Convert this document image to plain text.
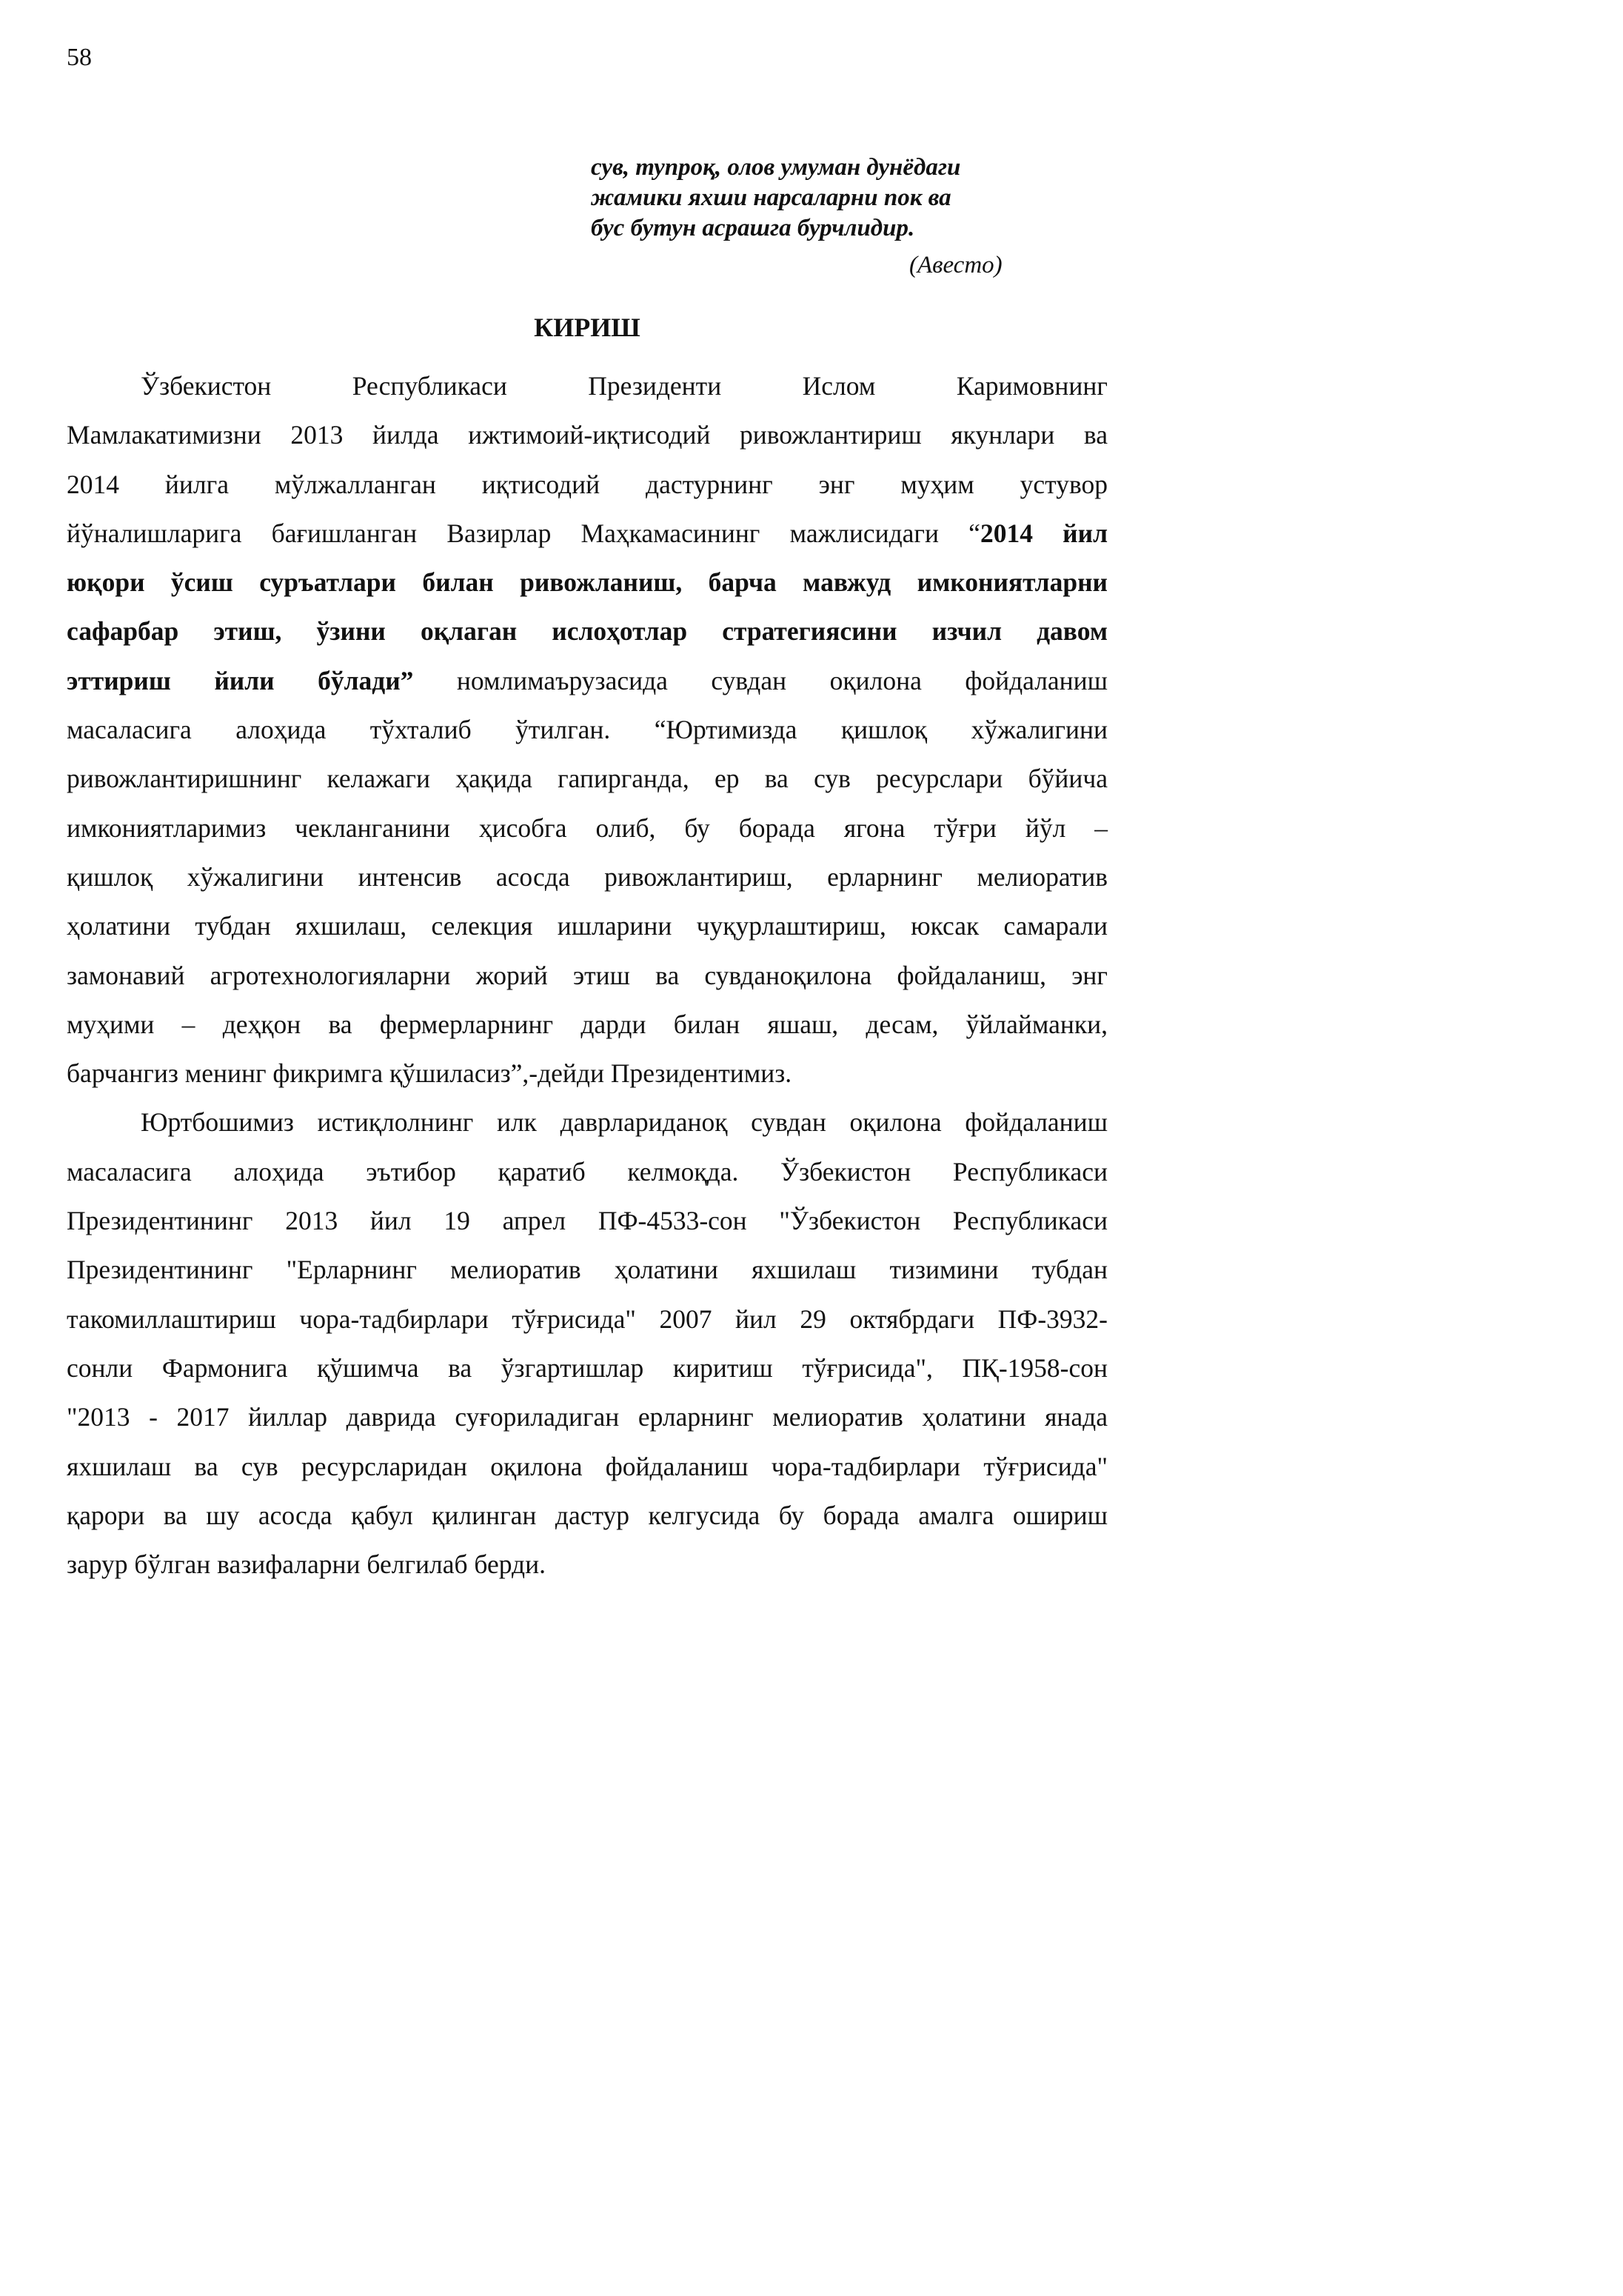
58
сув, тупроқ, олов умуман дунёдаги
жамики яхши нарсаларни пок ва
бус бутун асрашга бурчлидир.
(Авесто)
КИРИШ
Ўзбекистон Республикаси Президенти Ислом Каримовнинг
Мамлакатимизни 2013 йилда ижтимоий-иқтисодий ривожлантириш якунлари ва
2014 йилга мўлжалланган иқтисодий дастурнинг энг муҳим устувор
йўналишларига бағишланган Вазирлар Маҳкамасининг мажлисидаги “2014 йил
юқори ўсиш суръатлари билан ривожланиш, барча мавжуд имкониятларни
сафарбар этиш, ўзини оқлаган ислоҳотлар стратегиясини изчил давом
эттириш йили бўлади” номлимаърузасида сувдан оқилона фойдаланиш
масаласига алоҳида тўхталиб ўтилган. “Юртимизда қишлоқ хўжалигини
ривожлантиришнинг келажаги ҳақида гапирганда, ер ва сув ресурслари бўйича
имкониятларимиз чекланганини ҳисобга олиб, бу борада ягона тўғри йўл –
қишлоқ хўжалигини интенсив асосда ривожлантириш, ерларнинг мелиоратив
ҳолатини тубдан яхшилаш, селекция ишларини чуқурлаштириш, юксак самарали
замонавий агротехнологияларни жорий этиш ва сувданоқилона фойдаланиш, энг
муҳими – деҳқон ва фермерларнинг дарди билан яшаш, десам, ўйлайманки,
барчангиз менинг фикримга қўшиласиз”,-дейди Президентимиз.
Юртбошимиз истиқлолнинг илк даврлариданоқ сувдан оқилона фойдаланиш
масаласига алоҳида эътибор қаратиб келмоқда. Ўзбекистон Республикаси
Президентининг 2013 йил 19 апрел ПФ-4533-сон "Ўзбекистон Республикаси
Президентининг "Ерларнинг мелиоратив ҳолатини яхшилаш тизимини тубдан
такомиллаштириш чора-тадбирлари тўғрисида" 2007 йил 29 октябрдаги ПФ-3932-
сонли Фармонига қўшимча ва ўзгартишлар киритиш тўғрисида", ПҚ-1958-сон
"2013 - 2017 йиллар даврида суғориладиган ерларнинг мелиоратив ҳолатини янада
яхшилаш ва сув ресурсларидан оқилона фойдаланиш чора-тадбирлари тўғрисида"
қарори ва шу асосда қабул қилинган дастур келгусида бу борада амалга ошириш
зарур бўлган вазифаларни белгилаб берди.
